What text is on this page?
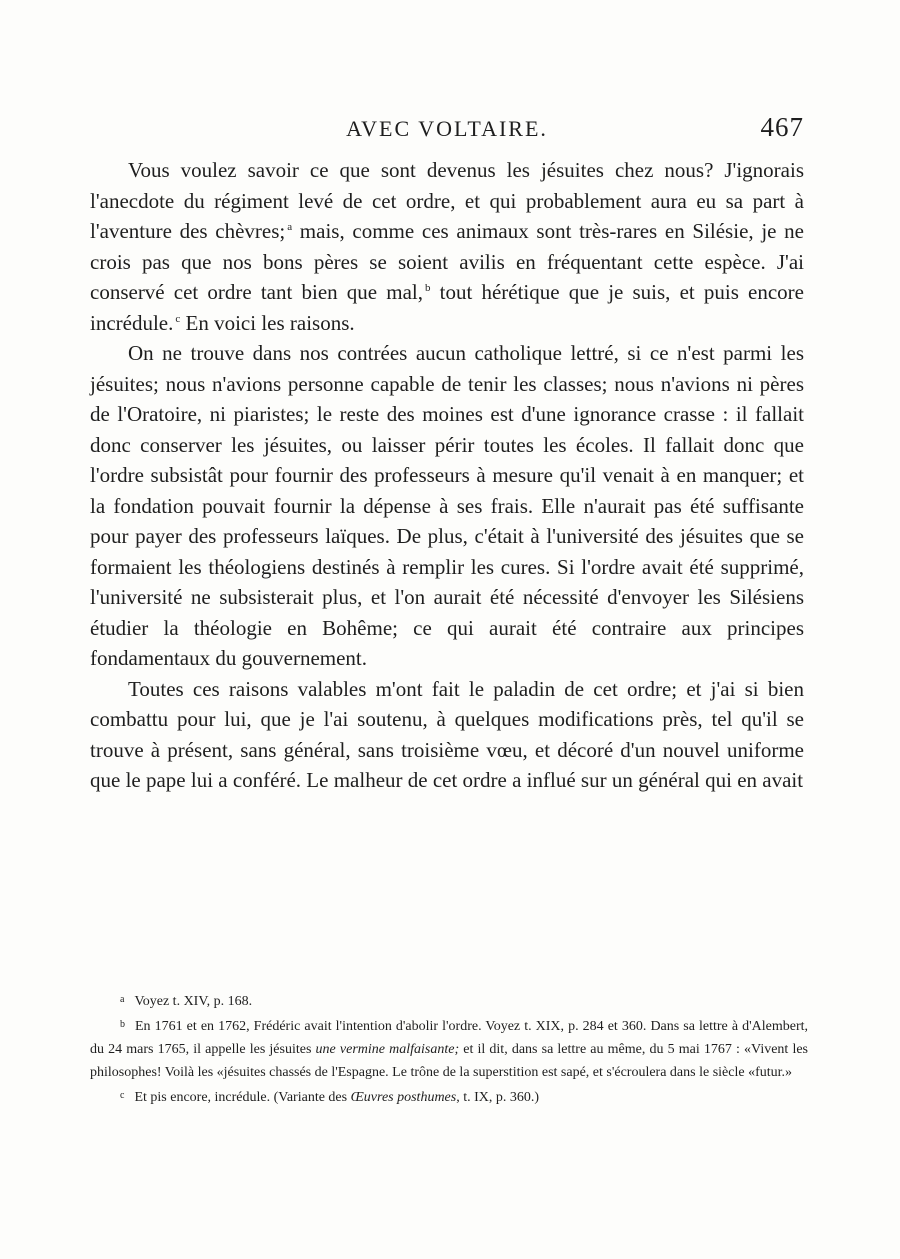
AVEC VOLTAIRE.	467

Vous voulez savoir ce que sont devenus les jésuites chez nous? J'ignorais l'anecdote du régiment levé de cet ordre, et qui probablement aura eu sa part à l'aventure des chèvres; $^a$ mais, comme ces animaux sont très-rares en Silésie, je ne crois pas que nos bons pères se soient avilis en fréquentant cette espèce. J'ai conservé cet ordre tant bien que mal, $^b$ tout hérétique que je suis, et puis encore incrédule. $^c$ En voici les raisons.

On ne trouve dans nos contrées aucun catholique lettré, si ce n'est parmi les jésuites; nous n'avions personne capable de tenir les classes; nous n'avions ni pères de l'Oratoire, ni piaristes; le reste des moines est d'une ignorance crasse : il fallait donc conserver les jésuites, ou laisser périr toutes les écoles. Il fallait donc que l'ordre subsistât pour fournir des professeurs à mesure qu'il venait à en manquer; et la fondation pouvait fournir la dépense à ses frais. Elle n'aurait pas été suffisante pour payer des professeurs laïques. De plus, c'était à l'université des jésuites que se formaient les théologiens destinés à remplir les cures. Si l'ordre avait été supprimé, l'université ne subsisterait plus, et l'on aurait été nécessité d'envoyer les Silésiens étudier la théologie en Bohême; ce qui aurait été contraire aux principes fondamentaux du gouvernement.

Toutes ces raisons valables m'ont fait le paladin de cet ordre; et j'ai si bien combattu pour lui, que je l'ai soutenu, à quelques modifications près, tel qu'il se trouve à présent, sans général, sans troisième vœu, et décoré d'un nouvel uniforme que le pape lui a conféré. Le malheur de cet ordre a influé sur un général qui en avait

$^a$ Voyez t. XIV, p. 168.

$^b$ En 1761 et en 1762, Frédéric avait l'intention d'abolir l'ordre. Voyez t. XIX, p. 284 et 360. Dans sa lettre à d'Alembert, du 24 mars 1765, il appelle les jésuites une vermine malfaisante; et il dit, dans sa lettre au même, du 5 mai 1767 : «Vivent les philosophes! Voilà les «jésuites chassés de l'Espagne. Le trône de la superstition est sapé, et s'écroulera dans le siècle «futur.»

$^c$ Et pis encore, incrédule. (Variante des Œuvres posthumes, t. IX, p. 360.)
